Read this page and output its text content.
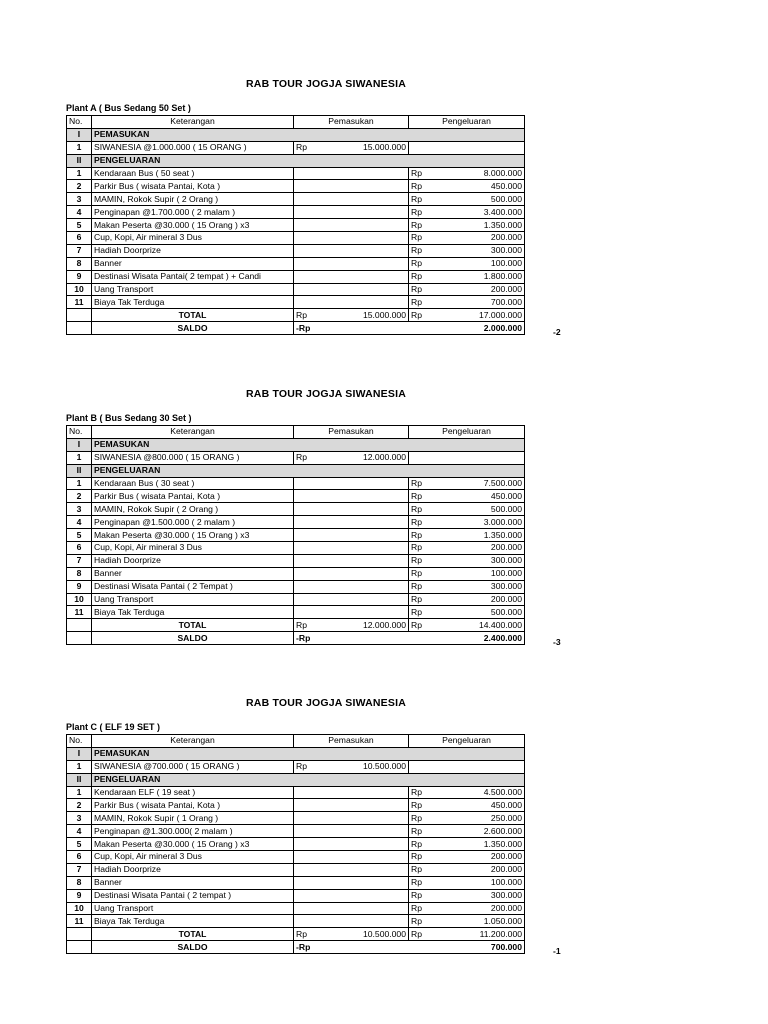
RAB TOUR JOGJA SIWANESIA
Plant A ( Bus Sedang 50 Set )
No.	Keterangan	Pemasukan		Pengeluaran	
I	PEMASUKAN				
1	SIWANESIA @1.000.000 ( 15 ORANG )	Rp	15.000.000		
II	PENGELUARAN				
1	Kendaraan Bus ( 50 seat )			Rp	8.000.000
2	Parkir Bus ( wisata Pantai, Kota )			Rp	450.000
3	MAMIN, Rokok Supir ( 2 Orang )			Rp	500.000
4	Penginapan @1.700.000 ( 2 malam )			Rp	3.400.000
5	Makan Peserta @30.000 ( 15 Orang ) x3			Rp	1.350.000
6	Cup, Kopi, Air mineral 3 Dus			Rp	200.000
7	Hadiah Doorprize			Rp	300.000
8	Banner			Rp	100.000
9	Destinasi Wisata Pantai( 2 tempat ) + Candi			Rp	1.800.000
10	Uang Transport			Rp	200.000
11	Biaya Tak Terduga			Rp	700.000
	TOTAL	Rp	15.000.000	Rp	17.000.000
	SALDO	-Rp			2.000.000	-2
RAB TOUR JOGJA SIWANESIA
Plant B ( Bus Sedang 30 Set )
No.	Keterangan	Pemasukan		Pengeluaran	
I	PEMASUKAN				
1	SIWANESIA @800.000 ( 15 ORANG )	Rp	12.000.000		
II	PENGELUARAN				
1	Kendaraan Bus ( 30 seat )			Rp	7.500.000
2	Parkir Bus ( wisata Pantai, Kota )			Rp	450.000
3	MAMIN, Rokok Supir ( 2 Orang )			Rp	500.000
4	Penginapan @1.500.000 ( 2 malam )			Rp	3.000.000
5	Makan Peserta @30.000 ( 15 Orang ) x3			Rp	1.350.000
6	Cup, Kopi, Air mineral 3 Dus			Rp	200.000
7	Hadiah Doorprize			Rp	300.000
8	Banner			Rp	100.000
9	Destinasi Wisata Pantai ( 2 Tempat )			Rp	300.000
10	Uang Transport			Rp	200.000
11	Biaya Tak Terduga			Rp	500.000
	TOTAL	Rp	12.000.000	Rp	14.400.000
	SALDO	-Rp			2.400.000	-3
RAB TOUR JOGJA SIWANESIA
Plant C ( ELF 19 SET )
No.	Keterangan	Pemasukan		Pengeluaran	
I	PEMASUKAN				
1	SIWANESIA @700.000 ( 15 ORANG )	Rp	10.500.000		
II	PENGELUARAN				
1	Kendaraan ELF ( 19 seat )			Rp	4.500.000
2	Parkir Bus ( wisata Pantai, Kota )			Rp	450.000
3	MAMIN, Rokok Supir ( 1 Orang )			Rp	250.000
4	Penginapan @1.300.000( 2 malam )			Rp	2.600.000
5	Makan Peserta @30.000 ( 15 Orang ) x3			Rp	1.350.000
6	Cup, Kopi, Air mineral 3 Dus			Rp	200.000
7	Hadiah Doorprize			Rp	200.000
8	Banner			Rp	100.000
9	Destinasi Wisata Pantai ( 2 tempat )			Rp	300.000
10	Uang Transport			Rp	200.000
11	Biaya Tak Terduga			Rp	1.050.000
	TOTAL	Rp	10.500.000	Rp	11.200.000
	SALDO	-Rp			700.000	-1
